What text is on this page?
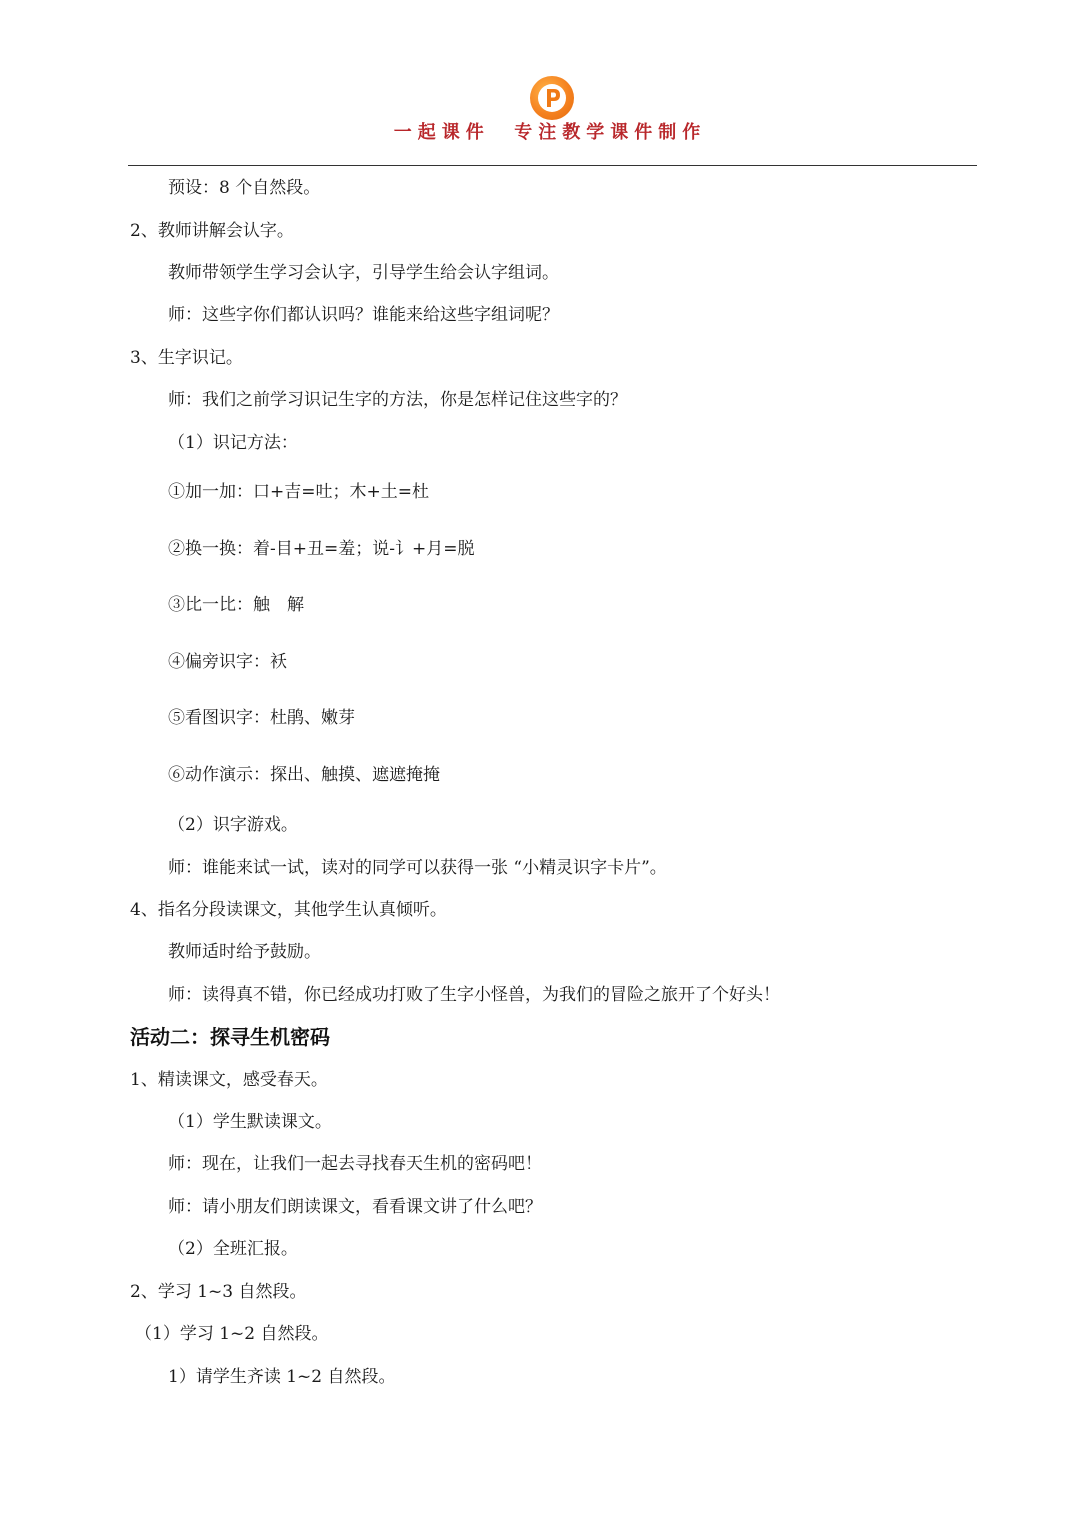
一起课件  专注教学课件制作
预设：8 个自然段。
2、教师讲解会认字。
教师带领学生学习会认字，引导学生给会认字组词。
师：这些字你们都认识吗？谁能来给这些字组词呢？
3、生字识记。
师：我们之前学习识记生字的方法，你是怎样记住这些字的？
（1）识记方法：
①加一加：口+吉=吐；木+土=杜
②换一换：着-目+丑=羞；说-讠+月=脱
③比一比：触　解
④偏旁识字：袄
⑤看图识字：杜鹃、嫩芽
⑥动作演示：探出、触摸、遮遮掩掩
（2）识字游戏。
师：谁能来试一试，读对的同学可以获得一张 “小精灵识字卡片”。
4、指名分段读课文，其他学生认真倾听。
教师适时给予鼓励。
师：读得真不错，你已经成功打败了生字小怪兽，为我们的冒险之旅开了个好头！
活动二：探寻生机密码
1、精读课文，感受春天。
（1）学生默读课文。
师：现在，让我们一起去寻找春天生机的密码吧！
师：请小朋友们朗读课文，看看课文讲了什么吧？
（2）全班汇报。
2、学习 1~3 自然段。
（1）学习 1~2 自然段。
1）请学生齐读 1~2 自然段。
